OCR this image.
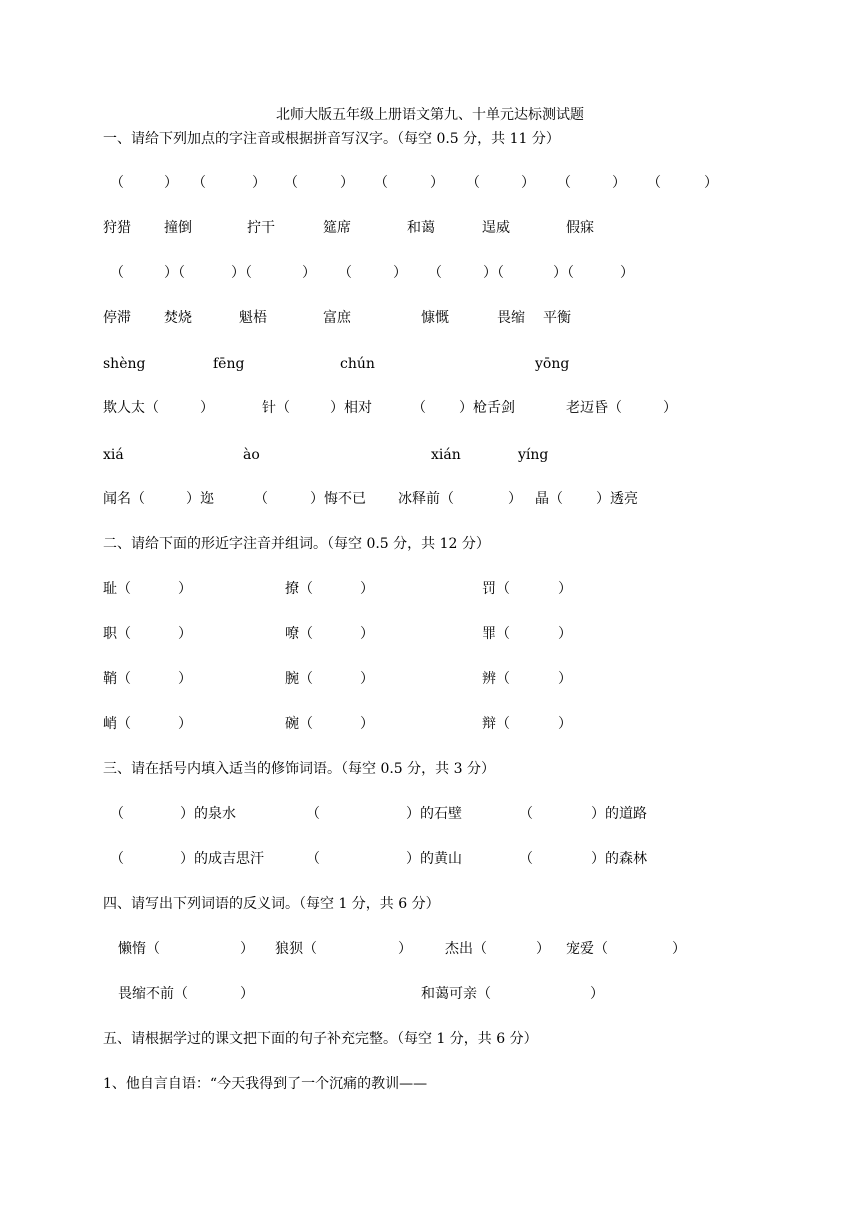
北师大版五年级上册语文第九、十单元达标测试题
一、请给下列加点的字注音或根据拼音写汉字。（每空 0.5 分，共 11 分）
（	） （	） （	） （	） （	） （	） （	）
狩猎 撞倒	拧干	筵席	和蔼	逞威	假寐
（	）（	）（	） （	） （	）（	）（	）
停滞 焚烧	魁梧	富庶	慷慨	畏缩 平衡
shèng	fēng	chún	yōng
欺人太（	）	针（	）相对	（ ）枪舌剑	老迈昏（	）
xiá	ào	xián	yíng
闻名（	）迩	（	）悔不已 冰释前（	） 晶（ ）透亮
二、请给下面的形近字注音并组词。（每空 0.5 分，共 12 分）
耻（	）	撩（	）	罚（	）
职（	）	嘹（	）	罪（	）
鞘（	）	腕（	）	辨（	）
峭（	）	碗（	）	辩（	）
三、请在括号内填入适当的修饰词语。（每空 0.5 分，共 3 分）
（	）的泉水	（	）的石壁	（	）的道路
（	）的成吉思汗	（	）的黄山	（	）的森林
四、请写出下列词语的反义词。（每空 1 分，共 6 分）
懒惰（	） 狼狈（	） 杰出（	） 宠爱（	）
畏缩不前（	）	和蔼可亲（	）
五、请根据学过的课文把下面的句子补充完整。（每空 1 分，共 6 分）
1、他自言自语：“今天我得到了一个沉痛的教训——
